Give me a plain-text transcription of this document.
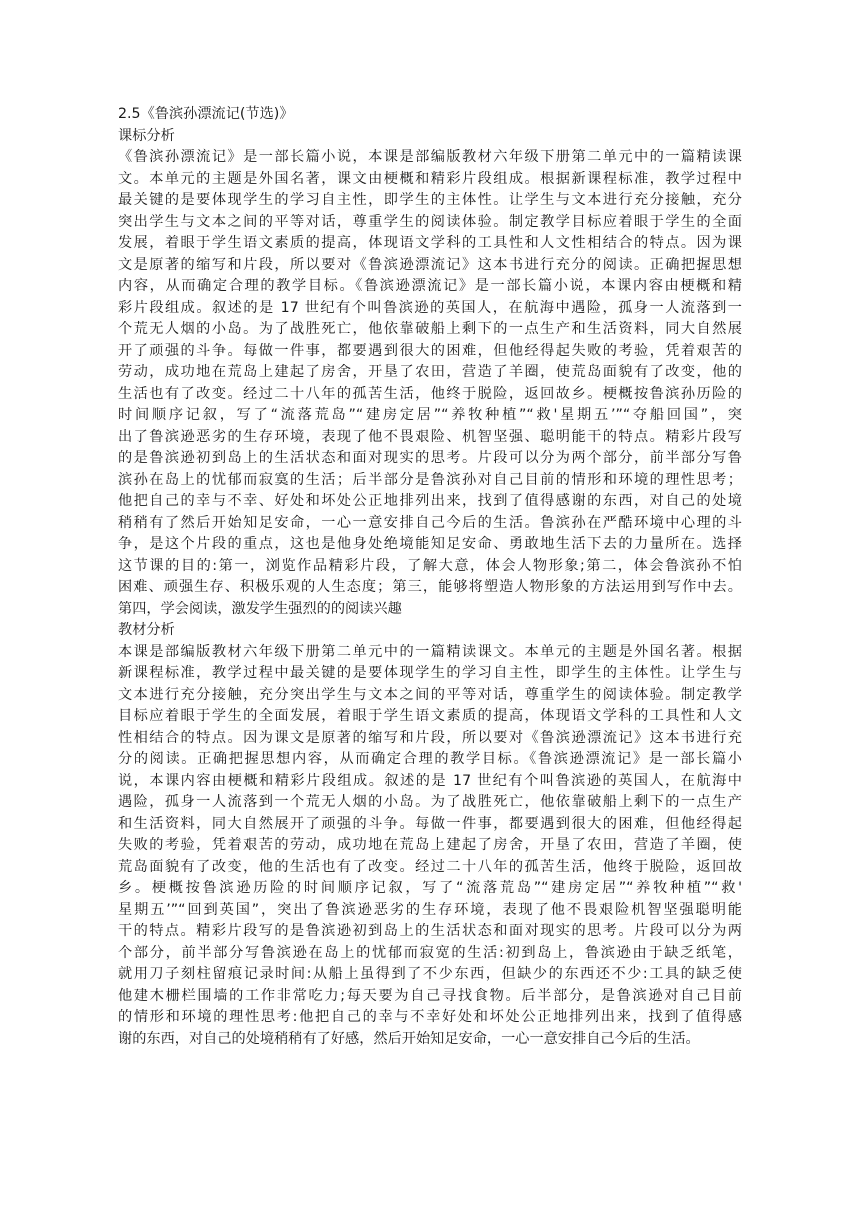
2.5《鲁滨孙漂流记(节选)》
课标分析
《鲁滨孙漂流记》是一部长篇小说，本课是部编版教材六年级下册第二单元中的一篇精读课
文。本单元的主题是外国名著，课文由梗概和精彩片段组成。根据新课程标准，教学过程中
最关键的是要体现学生的学习自主性，即学生的主体性。让学生与文本进行充分接触，充分
突出学生与文本之间的平等对话，尊重学生的阅读体验。制定教学目标应着眼于学生的全面
发展，着眼于学生语文素质的提高，体现语文学科的工具性和人文性相结合的特点。因为课
文是原著的缩写和片段，所以要对《鲁滨逊漂流记》这本书进行充分的阅读。正确把握思想
内容，从而确定合理的教学目标。《鲁滨逊漂流记》是一部长篇小说，本课内容由梗概和精
彩片段组成。叙述的是 17 世纪有个叫鲁滨逊的英国人，在航海中遇险，孤身一人流落到一
个荒无人烟的小岛。为了战胜死亡，他依靠破船上剩下的一点生产和生活资料，同大自然展
开了顽强的斗争。每做一件事，都要遇到很大的困难，但他经得起失败的考验，凭着艰苦的
劳动，成功地在荒岛上建起了房舍，开垦了农田，营造了羊圈，使荒岛面貌有了改变，他的
生活也有了改变。经过二十八年的孤苦生活，他终于脱险，返回故乡。梗概按鲁滨孙历险的
时间顺序记叙，写了“流落荒岛”“建房定居”“养牧种植”“救'星期五’”“夺船回国”，突
出了鲁滨逊恶劣的生存环境，表现了他不畏艰险、机智坚强、聪明能干的特点。精彩片段写
的是鲁滨逊初到岛上的生活状态和面对现实的思考。片段可以分为两个部分，前半部分写鲁
滨孙在岛上的忧郁而寂寞的生活；后半部分是鲁滨孙对自己目前的情形和环境的理性思考；
他把自己的幸与不幸、好处和坏处公正地排列出来，找到了值得感谢的东西，对自己的处境
稍稍有了然后开始知足安命，一心一意安排自己今后的生活。鲁滨孙在严酷环境中心理的斗
争，是这个片段的重点，这也是他身处绝境能知足安命、勇敢地生活下去的力量所在。选择
这节课的目的:第一，浏览作品精彩片段，了解大意，体会人物形象;第二，体会鲁滨孙不怕
困难、顽强生存、积极乐观的人生态度；第三，能够将塑造人物形象的方法运用到写作中去。
第四，学会阅读，激发学生强烈的的阅读兴趣
教材分析
本课是部编版教材六年级下册第二单元中的一篇精读课文。本单元的主题是外国名著。根据
新课程标准，教学过程中最关键的是要体现学生的学习自主性，即学生的主体性。让学生与
文本进行充分接触，充分突出学生与文本之间的平等对话，尊重学生的阅读体验。制定教学
目标应着眼于学生的全面发展，着眼于学生语文素质的提高，体现语文学科的工具性和人文
性相结合的特点。因为课文是原著的缩写和片段，所以要对《鲁滨逊漂流记》这本书进行充
分的阅读。正确把握思想内容，从而确定合理的教学目标。《鲁滨逊漂流记》是一部长篇小
说，本课内容由梗概和精彩片段组成。叙述的是 17 世纪有个叫鲁滨逊的英国人，在航海中
遇险，孤身一人流落到一个荒无人烟的小岛。为了战胜死亡，他依靠破船上剩下的一点生产
和生活资料，同大自然展开了顽强的斗争。每做一件事，都要遇到很大的困难，但他经得起
失败的考验，凭着艰苦的劳动，成功地在荒岛上建起了房舍，开垦了农田，营造了羊圈，使
荒岛面貌有了改变，他的生活也有了改变。经过二十八年的孤苦生活，他终于脱险，返回故
乡。梗概按鲁滨逊历险的时间顺序记叙，写了“流落荒岛”“建房定居”“养牧种植”“救'
星期五’”“回到英国”，突出了鲁滨逊恶劣的生存环境，表现了他不畏艰险机智坚强聪明能
干的特点。精彩片段写的是鲁滨逊初到岛上的生活状态和面对现实的思考。片段可以分为两
个部分，前半部分写鲁滨逊在岛上的忧郁而寂宽的生活:初到岛上，鲁滨逊由于缺乏纸笔，
就用刀子刻柱留痕记录时间:从船上虽得到了不少东西，但缺少的东西还不少:工具的缺乏使
他建木栅栏围墙的工作非常吃力;每天要为自己寻找食物。后半部分，是鲁滨逊对自己目前
的情形和环境的理性思考:他把自己的幸与不幸好处和坏处公正地排列出来，找到了值得感
谢的东西，对自己的处境稍稍有了好感，然后开始知足安命，一心一意安排自己今后的生活。
